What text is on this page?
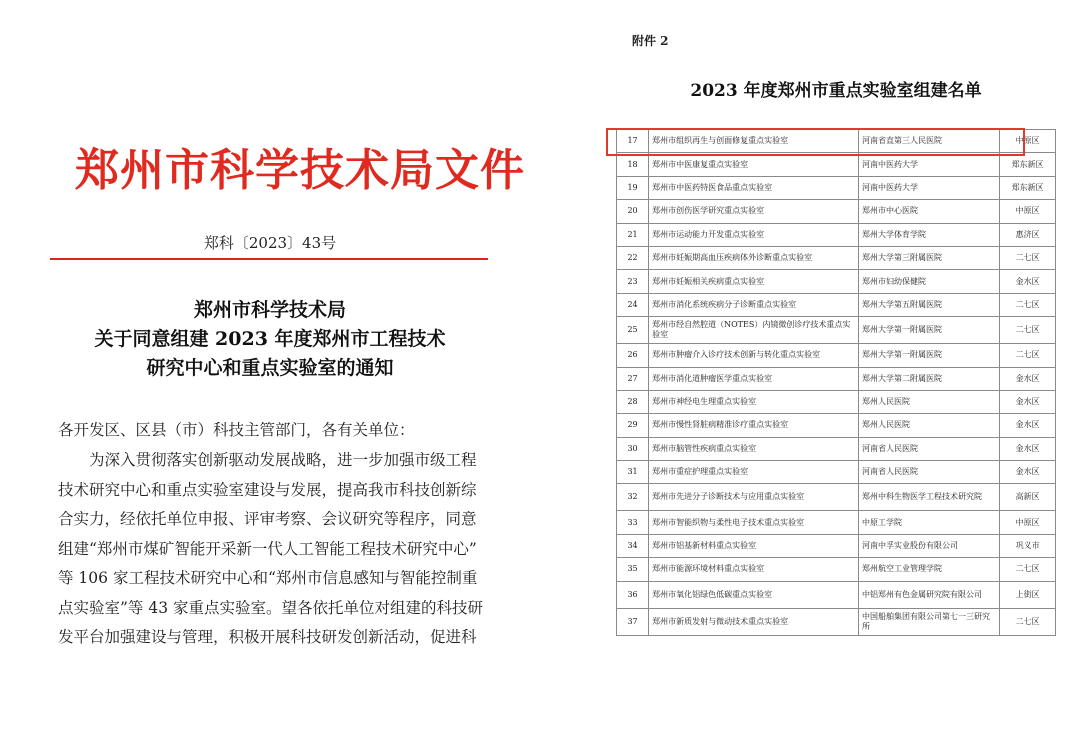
郑州市科学技术局文件
郑科〔2023〕43号
郑州市科学技术局
关于同意组建 2023 年度郑州市工程技术
研究中心和重点实验室的通知
各开发区、区县（市）科技主管部门，各有关单位：
　　为深入贯彻落实创新驱动发展战略，进一步加强市级工程
技术研究中心和重点实验室建设与发展，提高我市科技创新综
合实力，经依托单位申报、评审考察、会议研究等程序，同意
组建“郑州市煤矿智能开采新一代人工智能工程技术研究中心”
等 106 家工程技术研究中心和“郑州市信息感知与智能控制重
点实验室”等 43 家重点实验室。望各依托单位对组建的科技研
发平台加强建设与管理，积极开展科技研发创新活动，促进科
附件 2
2023 年度郑州市重点实验室组建名单
17	郑州市组织再生与创面修复重点实验室	河南省直第三人民医院	中原区
18	郑州市中医康复重点实验室	河南中医药大学	郑东新区
19	郑州市中医药特医食品重点实验室	河南中医药大学	郑东新区
20	郑州市创伤医学研究重点实验室	郑州市中心医院	中原区
21	郑州市运动能力开发重点实验室	郑州大学体育学院	惠济区
22	郑州市妊娠期高血压疾病体外诊断重点实验室	郑州大学第三附属医院	二七区
23	郑州市妊娠相关疾病重点实验室	郑州市妇幼保健院	金水区
24	郑州市消化系统疾病分子诊断重点实验室	郑州大学第五附属医院	二七区
25	郑州市经自然腔道（NOTES）内镜微创诊疗技术重点实验室	郑州大学第一附属医院	二七区
26	郑州市肿瘤介入诊疗技术创新与转化重点实验室	郑州大学第一附属医院	二七区
27	郑州市消化道肿瘤医学重点实验室	郑州大学第二附属医院	金水区
28	郑州市神经电生理重点实验室	郑州人民医院	金水区
29	郑州市慢性肾脏病精准诊疗重点实验室	郑州人民医院	金水区
30	郑州市脑管性疾病重点实验室	河南省人民医院	金水区
31	郑州市重症护理重点实验室	河南省人民医院	金水区
32	郑州市先进分子诊断技术与应用重点实验室	郑州中科生物医学工程技术研究院	高新区
33	郑州市智能织物与柔性电子技术重点实验室	中原工学院	中原区
34	郑州市铝基新材料重点实验室	河南中孚实业股份有限公司	巩义市
35	郑州市能源环境材料重点实验室	郑州航空工业管理学院	二七区
36	郑州市氧化铝绿色低碳重点实验室	中铝郑州有色金属研究院有限公司	上街区
37	郑州市新质发射与微动技术重点实验室	中国船舶集团有限公司第七一三研究所	二七区
